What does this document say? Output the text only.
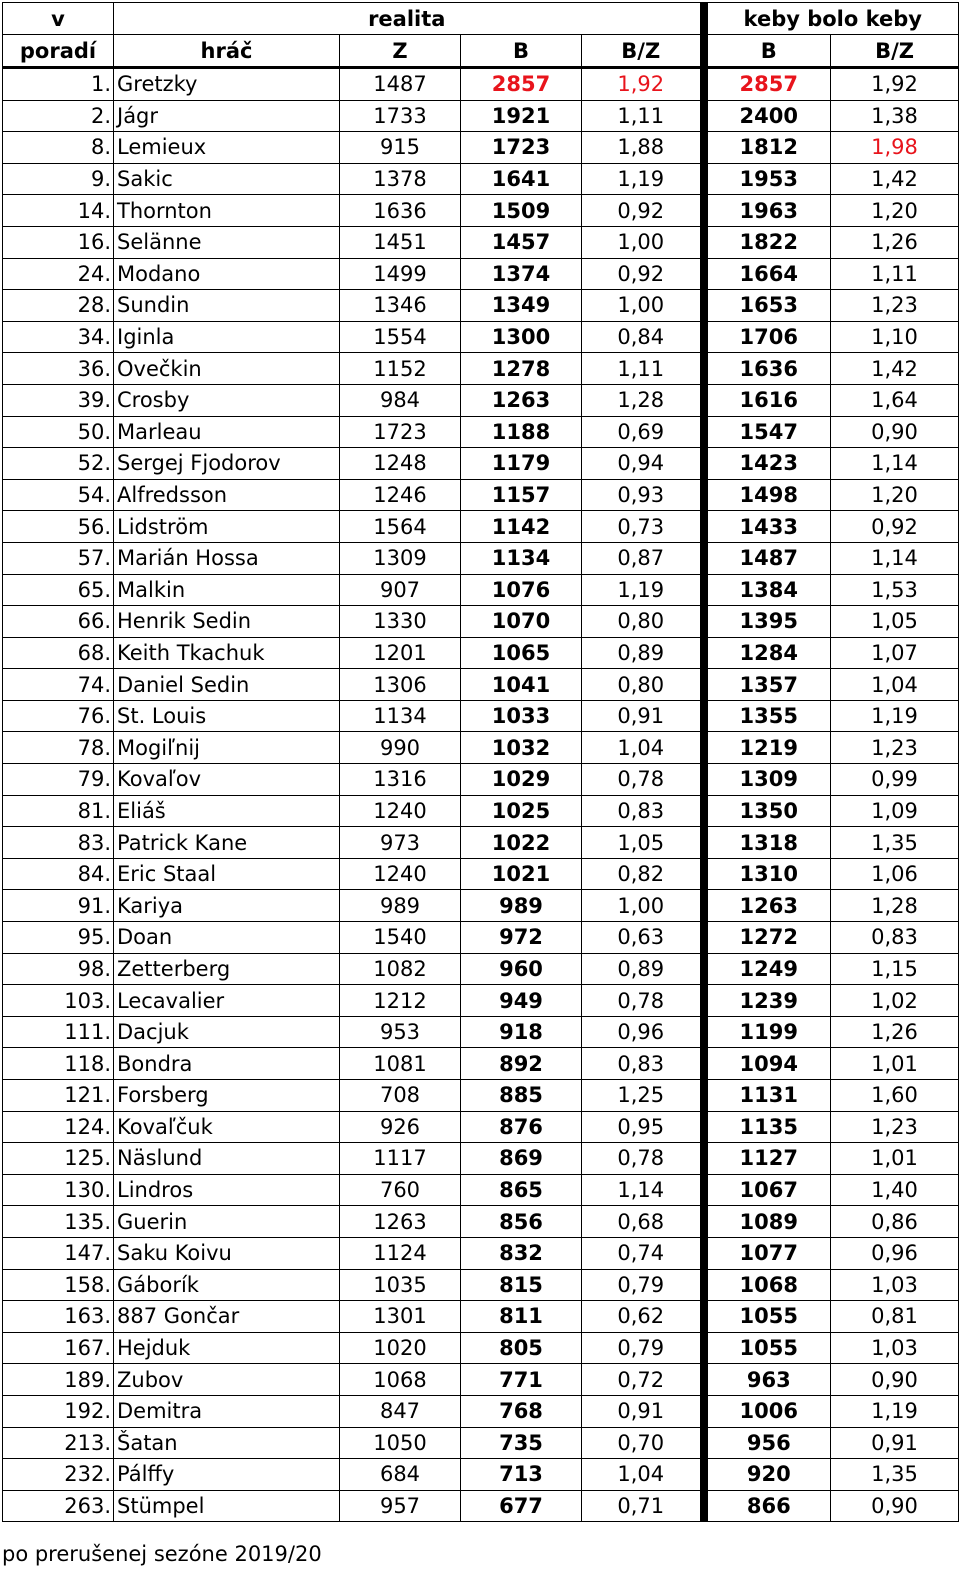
v	realita				keby bolo keby	
poradí	hráč	Z	B	B/Z	B	B/Z
1.	Gretzky	1487	2857	1,92	2857	1,92
2.	Jágr	1733	1921	1,11	2400	1,38
8.	Lemieux	915	1723	1,88	1812	1,98
9.	Sakic	1378	1641	1,19	1953	1,42
14.	Thornton	1636	1509	0,92	1963	1,20
16.	Selänne	1451	1457	1,00	1822	1,26
24.	Modano	1499	1374	0,92	1664	1,11
28.	Sundin	1346	1349	1,00	1653	1,23
34.	Iginla	1554	1300	0,84	1706	1,10
36.	Ovečkin	1152	1278	1,11	1636	1,42
39.	Crosby	984	1263	1,28	1616	1,64
50.	Marleau	1723	1188	0,69	1547	0,90
52.	Sergej Fjodorov	1248	1179	0,94	1423	1,14
54.	Alfredsson	1246	1157	0,93	1498	1,20
56.	Lidström	1564	1142	0,73	1433	0,92
57.	Marián Hossa	1309	1134	0,87	1487	1,14
65.	Malkin	907	1076	1,19	1384	1,53
66.	Henrik Sedin	1330	1070	0,80	1395	1,05
68.	Keith Tkachuk	1201	1065	0,89	1284	1,07
74.	Daniel Sedin	1306	1041	0,80	1357	1,04
76.	St. Louis	1134	1033	0,91	1355	1,19
78.	Mogiľnij	990	1032	1,04	1219	1,23
79.	Kovaľov	1316	1029	0,78	1309	0,99
81.	Eliáš	1240	1025	0,83	1350	1,09
83.	Patrick Kane	973	1022	1,05	1318	1,35
84.	Eric Staal	1240	1021	0,82	1310	1,06
91.	Kariya	989	989	1,00	1263	1,28
95.	Doan	1540	972	0,63	1272	0,83
98.	Zetterberg	1082	960	0,89	1249	1,15
103.	Lecavalier	1212	949	0,78	1239	1,02
111.	Dacjuk	953	918	0,96	1199	1,26
118.	Bondra	1081	892	0,83	1094	1,01
121.	Forsberg	708	885	1,25	1131	1,60
124.	Kovaľčuk	926	876	0,95	1135	1,23
125.	Näslund	1117	869	0,78	1127	1,01
130.	Lindros	760	865	1,14	1067	1,40
135.	Guerin	1263	856	0,68	1089	0,86
147.	Saku Koivu	1124	832	0,74	1077	0,96
158.	Gáborík	1035	815	0,79	1068	1,03
163.	887 Gončar	1301	811	0,62	1055	0,81
167.	Hejduk	1020	805	0,79	1055	1,03
189.	Zubov	1068	771	0,72	963	0,90
192.	Demitra	847	768	0,91	1006	1,19
213.	Šatan	1050	735	0,70	956	0,91
232.	Pálffy	684	713	1,04	920	1,35
263.	Stümpel	957	677	0,71	866	0,90
po prerušenej sezóne 2019/20
